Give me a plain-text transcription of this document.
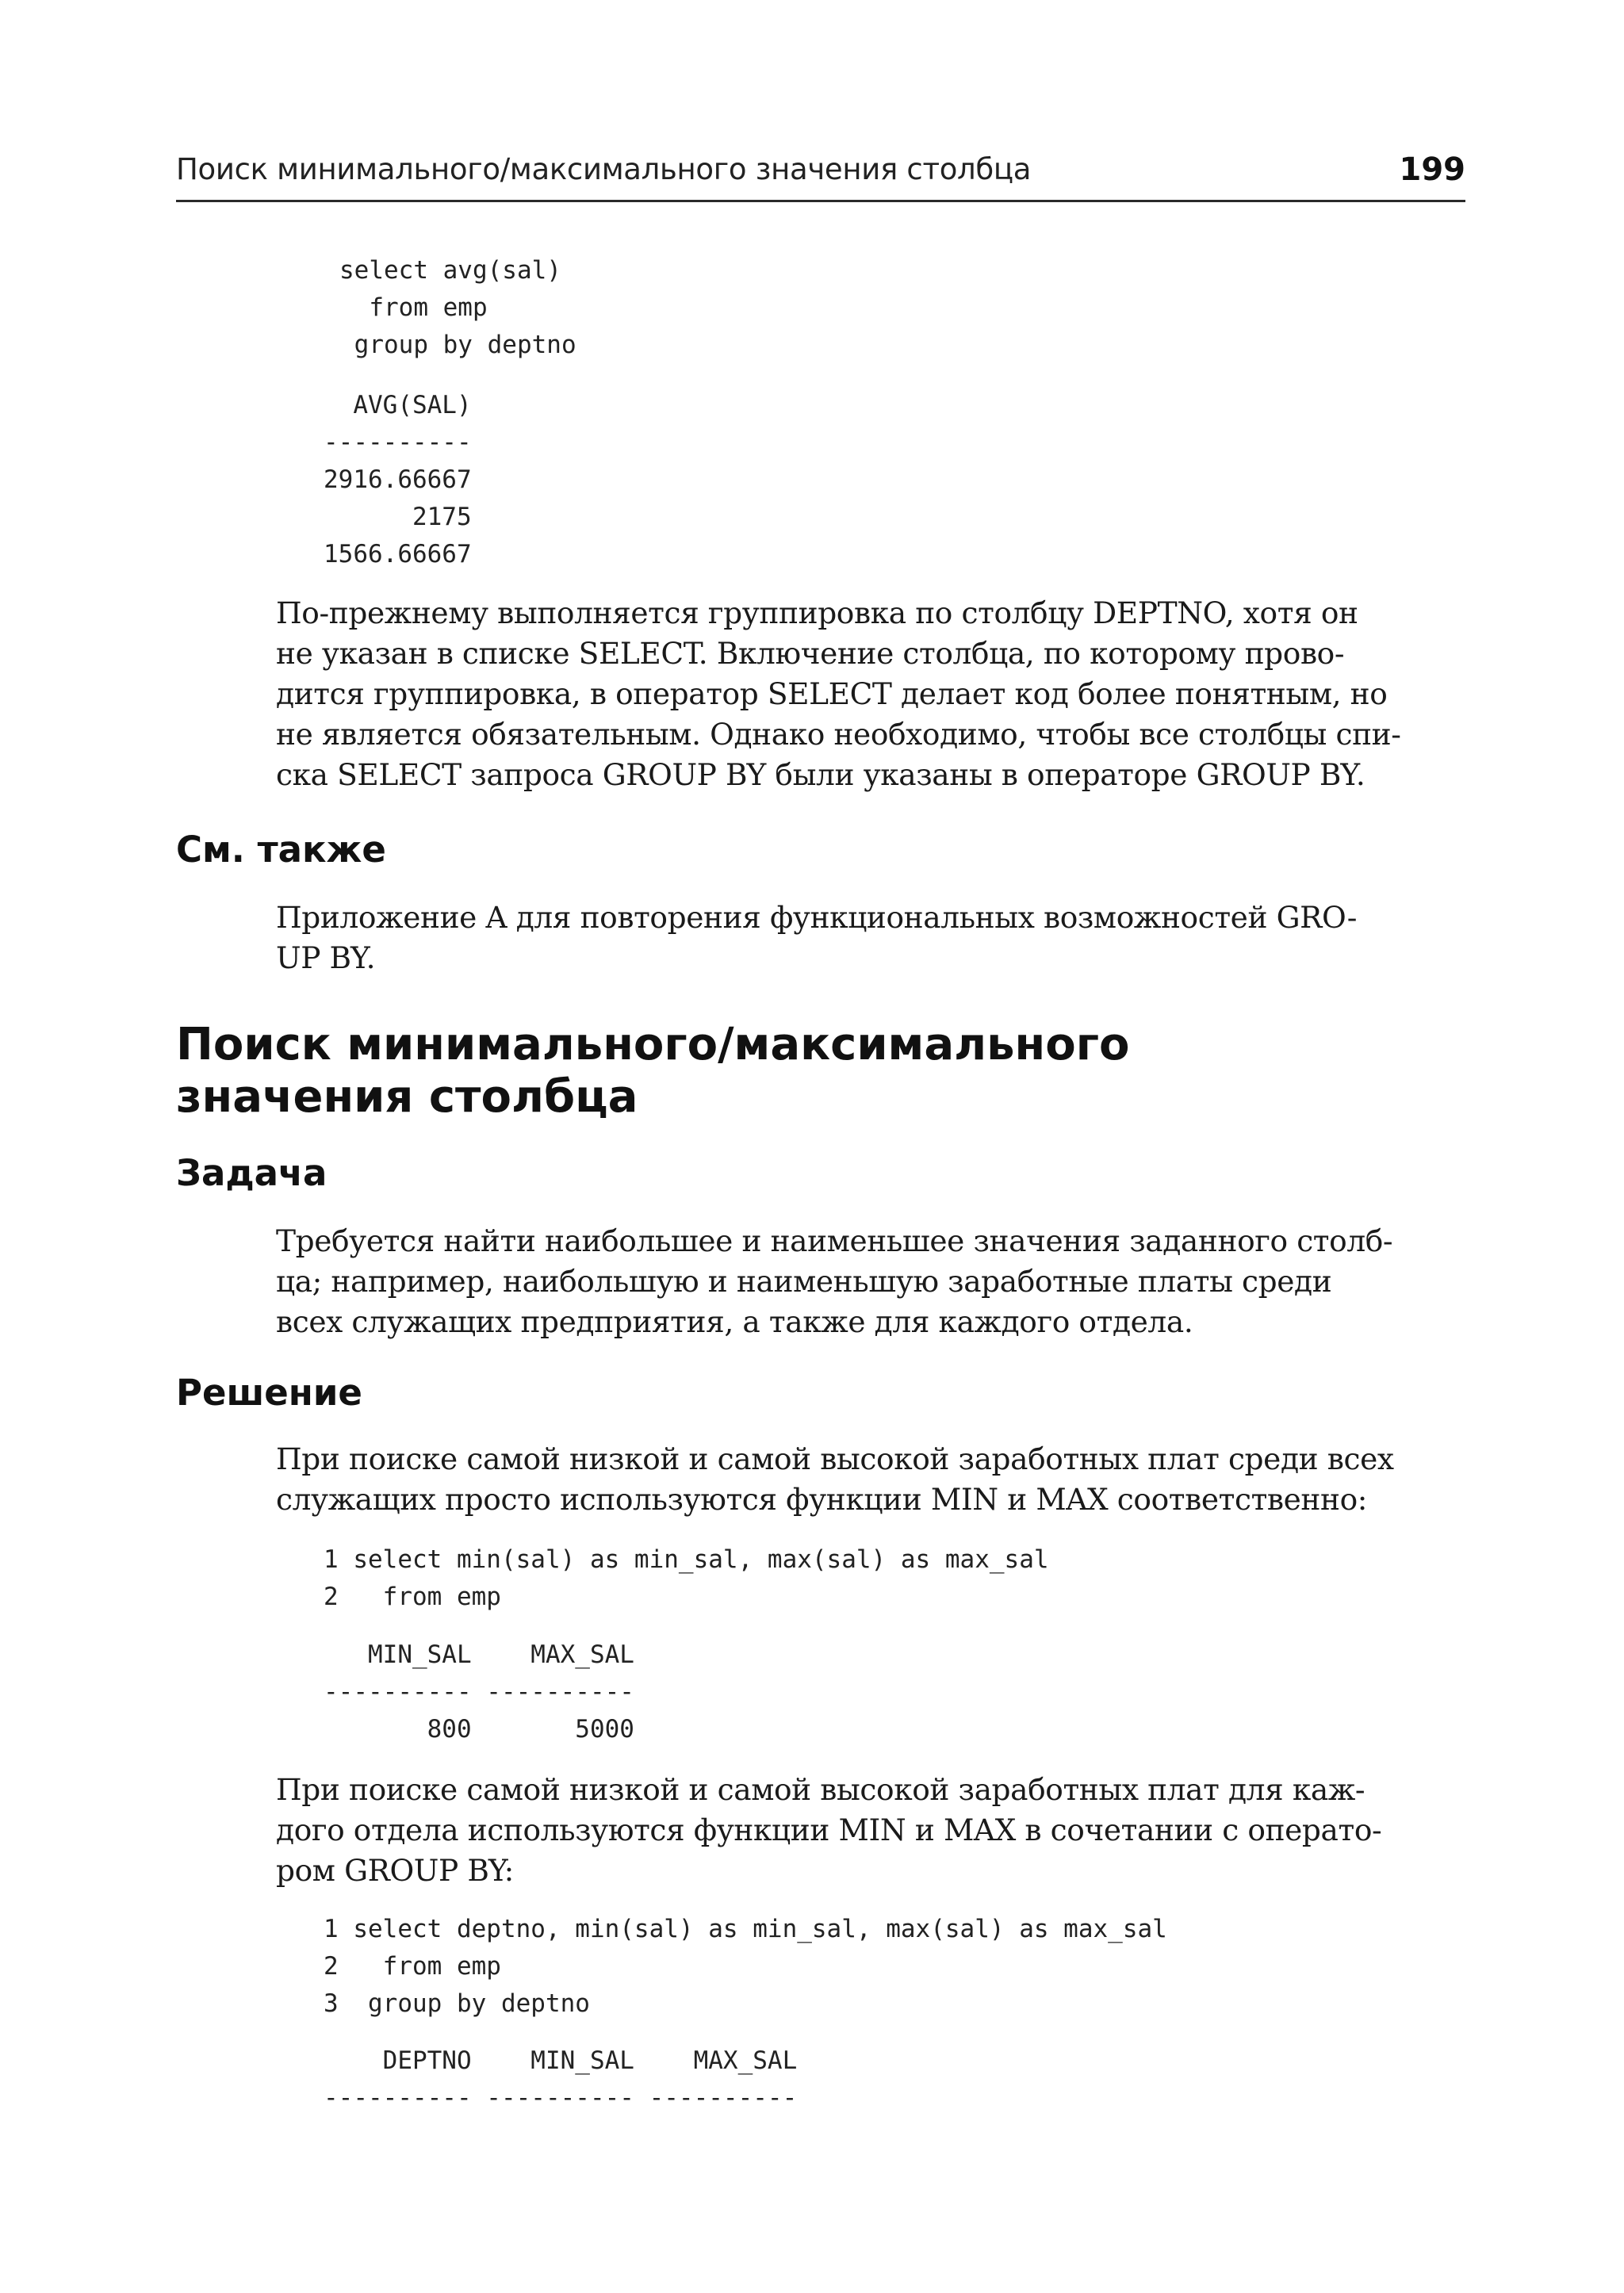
Поиск минимального/максимального значения столбца	199
select avg(sal)
from emp
group by deptno
AVG(SAL)
----------
2916.66667
2175
1566.66667
По-прежнему выполняется группировка по столбцу DEPTNO, хотя он
не указан в списке SELECT. Включение столбца, по которому прово-
дится группировка, в оператор SELECT делает код более понятным, но
не является обязательным. Однако необходимо, чтобы все столбцы спи-
ска SELECT запроса GROUP BY были указаны в операторе GROUP BY.
См. также
Приложение A для повторения функциональных возможностей GRO-
UP BY.
Поиск минимального/максимального
значения столбца
Задача
Требуется найти наибольшее и наименьшее значения заданного столб-
ца; например, наибольшую и наименьшую заработные платы среди
всех служащих предприятия, а также для каждого отдела.
Решение
При поиске самой низкой и самой высокой заработных плат среди всех
служащих просто используются функции MIN и MAX соответственно:
1 select min(sal) as min_sal, max(sal) as max_sal
2   from emp
MIN_SAL    MAX_SAL
---------- ----------
800       5000
При поиске самой низкой и самой высокой заработных плат для каж-
дого отдела используются функции MIN и MAX в сочетании с операто-
ром GROUP BY:
1 select deptno, min(sal) as min_sal, max(sal) as max_sal
2   from emp
3  group by deptno
DEPTNO    MIN_SAL    MAX_SAL
---------- ---------- ----------
